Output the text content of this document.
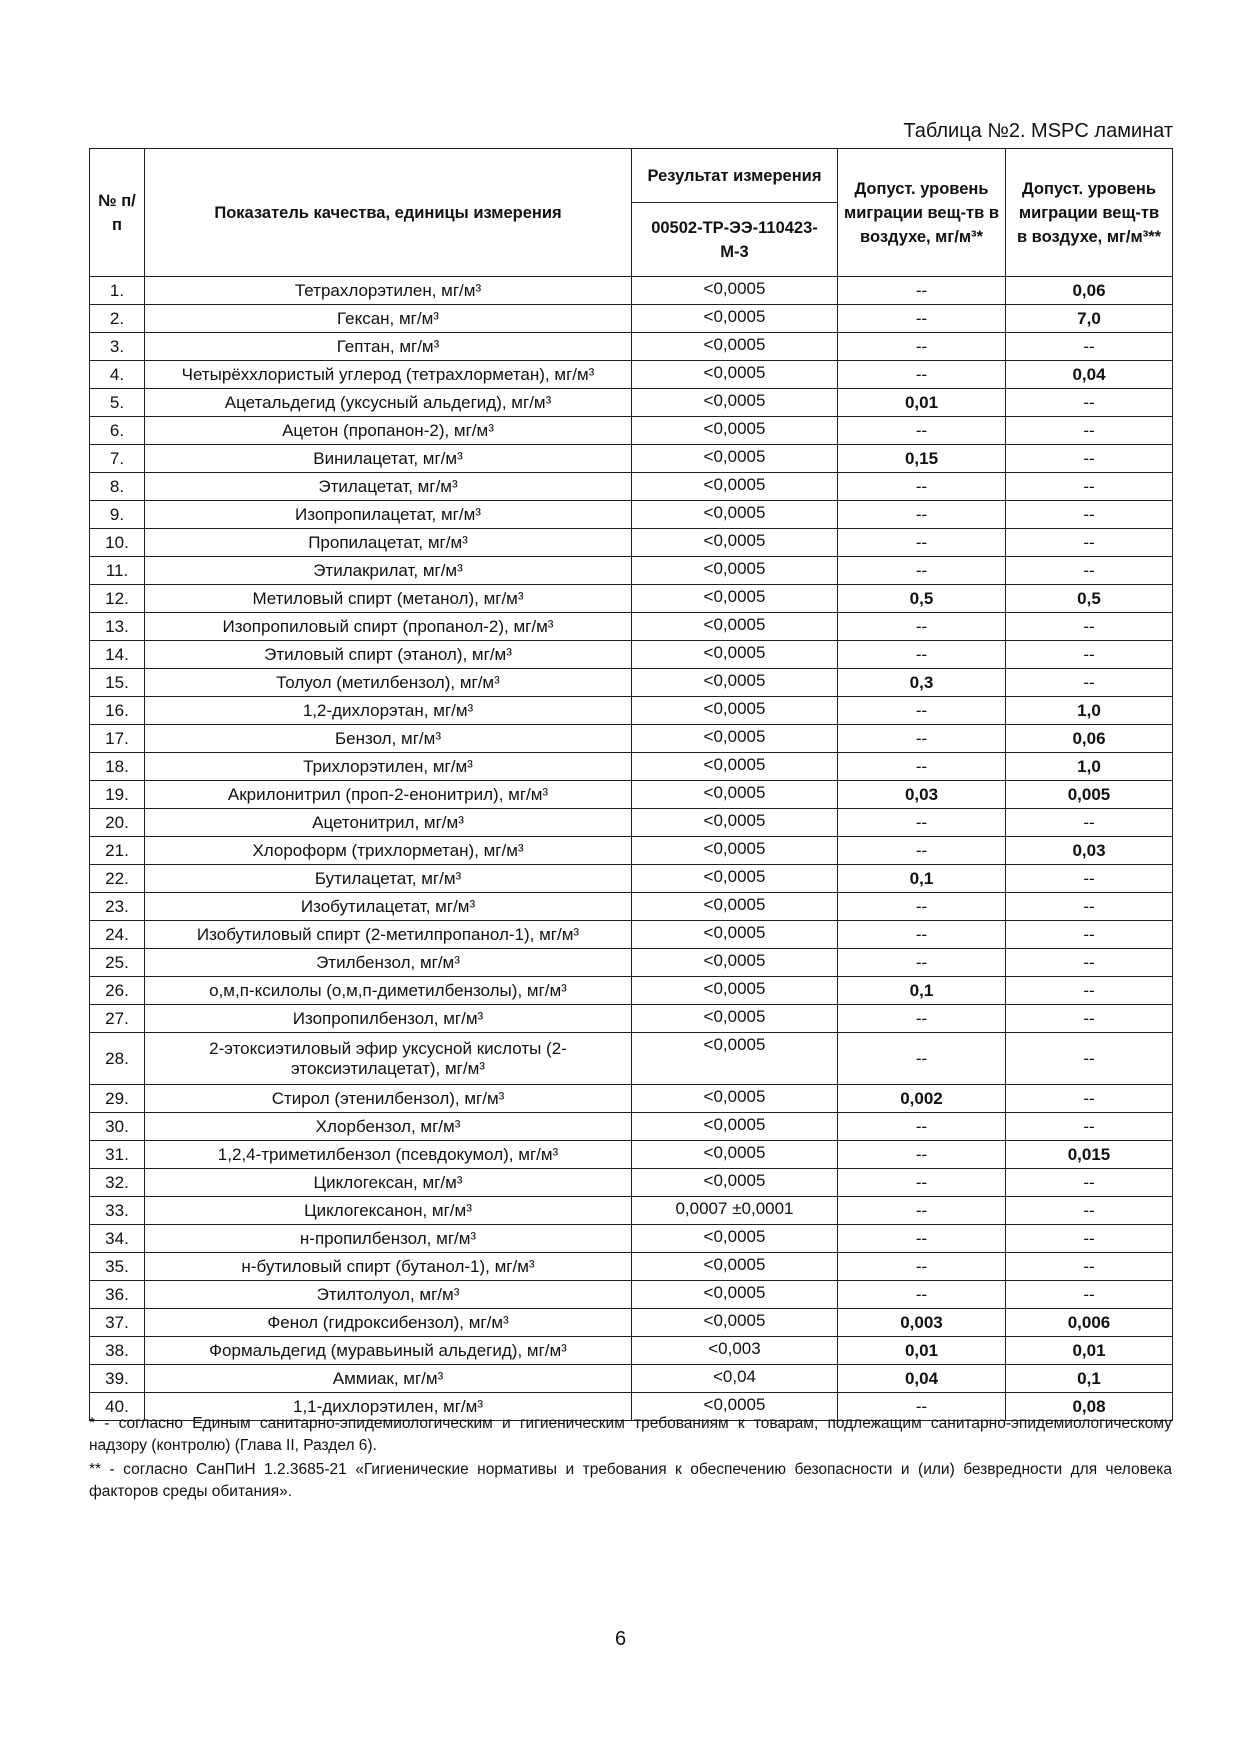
Таблица №2. MSPC ламинат
№ п/п	Показатель качества, единицы измерения	Результат измерения	Допуст. уровень миграции вещ-тв в воздухе, мг/м³*	Допуст. уровень миграции вещ-тв в воздухе, мг/м³**
		00502-ТР-ЭЭ-110423-М-3		
1.	Тетрахлорэтилен, мг/м³	<0,0005	--	0,06
2.	Гексан, мг/м³	<0,0005	--	7,0
3.	Гептан, мг/м³	<0,0005	--	--
4.	Четырёххлористый углерод (тетрахлорметан), мг/м³	<0,0005	--	0,04
5.	Ацетальдегид (уксусный альдегид), мг/м³	<0,0005	0,01	--
6.	Ацетон (пропанон-2), мг/м³	<0,0005	--	--
7.	Винилацетат, мг/м³	<0,0005	0,15	--
8.	Этилацетат, мг/м³	<0,0005	--	--
9.	Изопропилацетат, мг/м³	<0,0005	--	--
10.	Пропилацетат, мг/м³	<0,0005	--	--
11.	Этилакрилат, мг/м³	<0,0005	--	--
12.	Метиловый спирт (метанол), мг/м³	<0,0005	0,5	0,5
13.	Изопропиловый спирт (пропанол-2), мг/м³	<0,0005	--	--
14.	Этиловый спирт (этанол), мг/м³	<0,0005	--	--
15.	Толуол (метилбензол), мг/м³	<0,0005	0,3	--
16.	1,2-дихлорэтан, мг/м³	<0,0005	--	1,0
17.	Бензол, мг/м³	<0,0005	--	0,06
18.	Трихлорэтилен, мг/м³	<0,0005	--	1,0
19.	Акрилонитрил (проп-2-енонитрил), мг/м³	<0,0005	0,03	0,005
20.	Ацетонитрил, мг/м³	<0,0005	--	--
21.	Хлороформ (трихлорметан), мг/м³	<0,0005	--	0,03
22.	Бутилацетат, мг/м³	<0,0005	0,1	--
23.	Изобутилацетат, мг/м³	<0,0005	--	--
24.	Изобутиловый спирт (2-метилпропанол-1), мг/м³	<0,0005	--	--
25.	Этилбензол, мг/м³	<0,0005	--	--
26.	о,м,п-ксилолы (о,м,п-диметилбензолы), мг/м³	<0,0005	0,1	--
27.	Изопропилбензол, мг/м³	<0,0005	--	--
28.	2-этоксиэтиловый эфир уксусной кислоты (2-этоксиэтилацетат), мг/м³	<0,0005	--	--
29.	Стирол (этенилбензол), мг/м³	<0,0005	0,002	--
30.	Хлорбензол, мг/м³	<0,0005	--	--
31.	1,2,4-триметилбензол (псевдокумол), мг/м³	<0,0005	--	0,015
32.	Циклогексан, мг/м³	<0,0005	--	--
33.	Циклогексанон, мг/м³	0,0007 ±0,0001	--	--
34.	н-пропилбензол, мг/м³	<0,0005	--	--
35.	н-бутиловый спирт (бутанол-1), мг/м³	<0,0005	--	--
36.	Этилтолуол, мг/м³	<0,0005	--	--
37.	Фенол (гидроксибензол), мг/м³	<0,0005	0,003	0,006
38.	Формальдегид (муравьиный альдегид), мг/м³	<0,003	0,01	0,01
39.	Аммиак, мг/м³	<0,04	0,04	0,1
40.	1,1-дихлорэтилен, мг/м³	<0,0005	--	0,08
* - согласно Единым санитарно-эпидемиологическим и гигиеническим требованиям к товарам, подлежащим санитарно-эпидемиологическому надзору (контролю) (Глава II, Раздел 6).
** - согласно СанПиН 1.2.3685-21 «Гигиенические нормативы и требования к обеспечению безопасности и (или) безвредности для человека факторов среды обитания».
6
